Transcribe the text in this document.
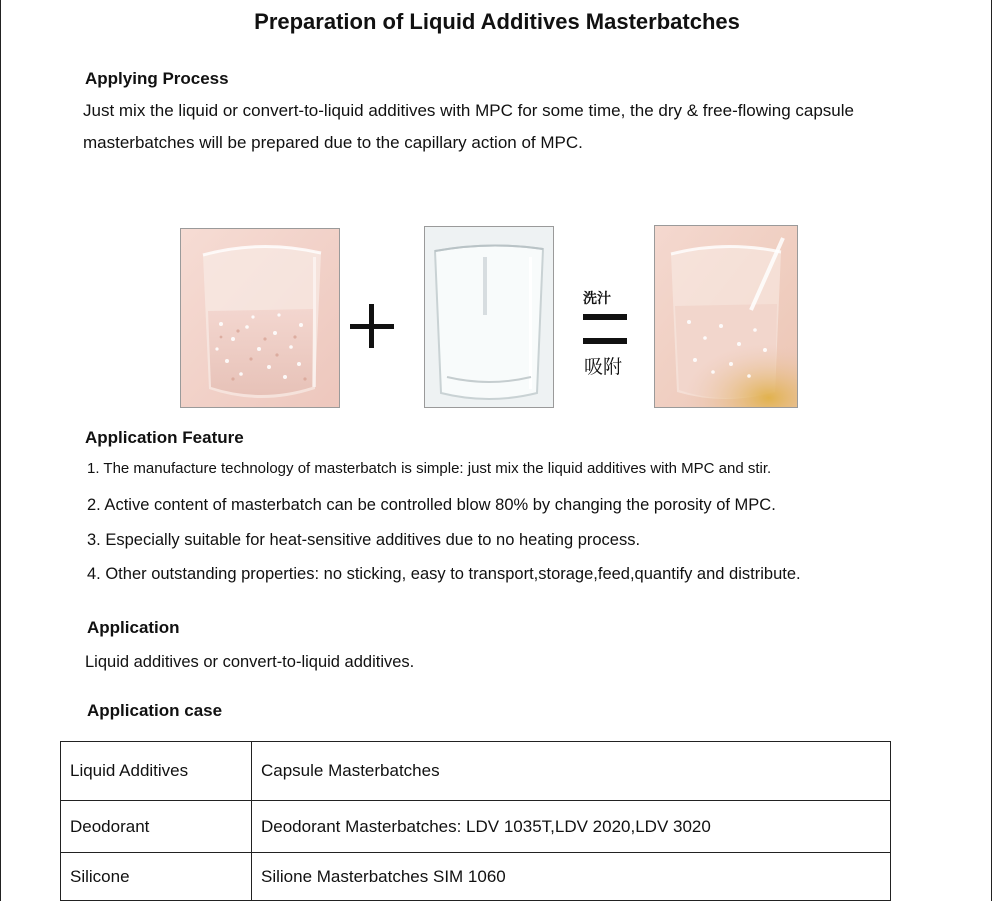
Preparation of Liquid Additives Masterbatches
Applying Process
Just mix the liquid or convert-to-liquid additives with MPC for some time, the dry & free-flowing capsule
masterbatches will be prepared due to the capillary action of MPC.
洗汁
吸附
Application Feature
1. The manufacture technology of masterbatch is simple: just mix the liquid additives with MPC and stir.
2. Active content of masterbatch can be controlled blow 80% by changing the porosity of MPC.
3. Especially suitable for heat-sensitive additives due to no heating process.
4. Other outstanding properties: no sticking, easy to transport,storage,feed,quantify and distribute.
Application
Liquid additives or convert-to-liquid additives.
Application case
Liquid Additives	Capsule Masterbatches
Deodorant	Deodorant Masterbatches: LDV 1035T,LDV 2020,LDV 3020
Silicone	Silione Masterbatches SIM 1060
